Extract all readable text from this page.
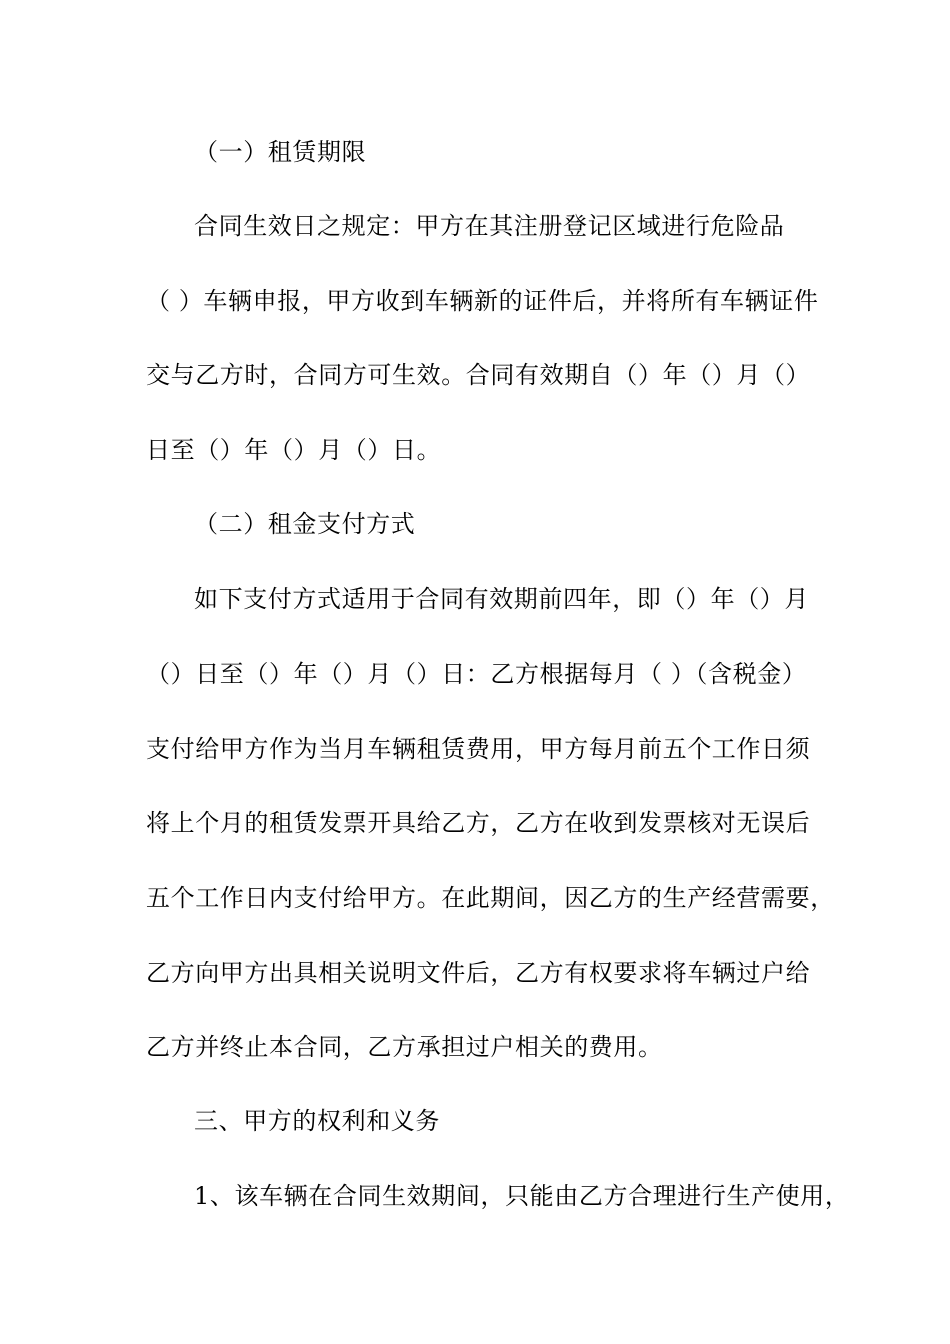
（一）租赁期限
合同生效日之规定：甲方在其注册登记区域进行危险品
（ ）车辆申报，甲方收到车辆新的证件后，并将所有车辆证件
交与乙方时，合同方可生效。合同有效期自（）年（）月（）
日至（）年（）月（）日。
（二）租金支付方式
如下支付方式适用于合同有效期前四年，即（）年（）月
（）日至（）年（）月（）日：乙方根据每月（ ）（含税金）
支付给甲方作为当月车辆租赁费用，甲方每月前五个工作日须
将上个月的租赁发票开具给乙方，乙方在收到发票核对无误后
五个工作日内支付给甲方。在此期间，因乙方的生产经营需要，
乙方向甲方出具相关说明文件后，乙方有权要求将车辆过户给
乙方并终止本合同，乙方承担过户相关的费用。
三、甲方的权利和义务
1、该车辆在合同生效期间，只能由乙方合理进行生产使用，
